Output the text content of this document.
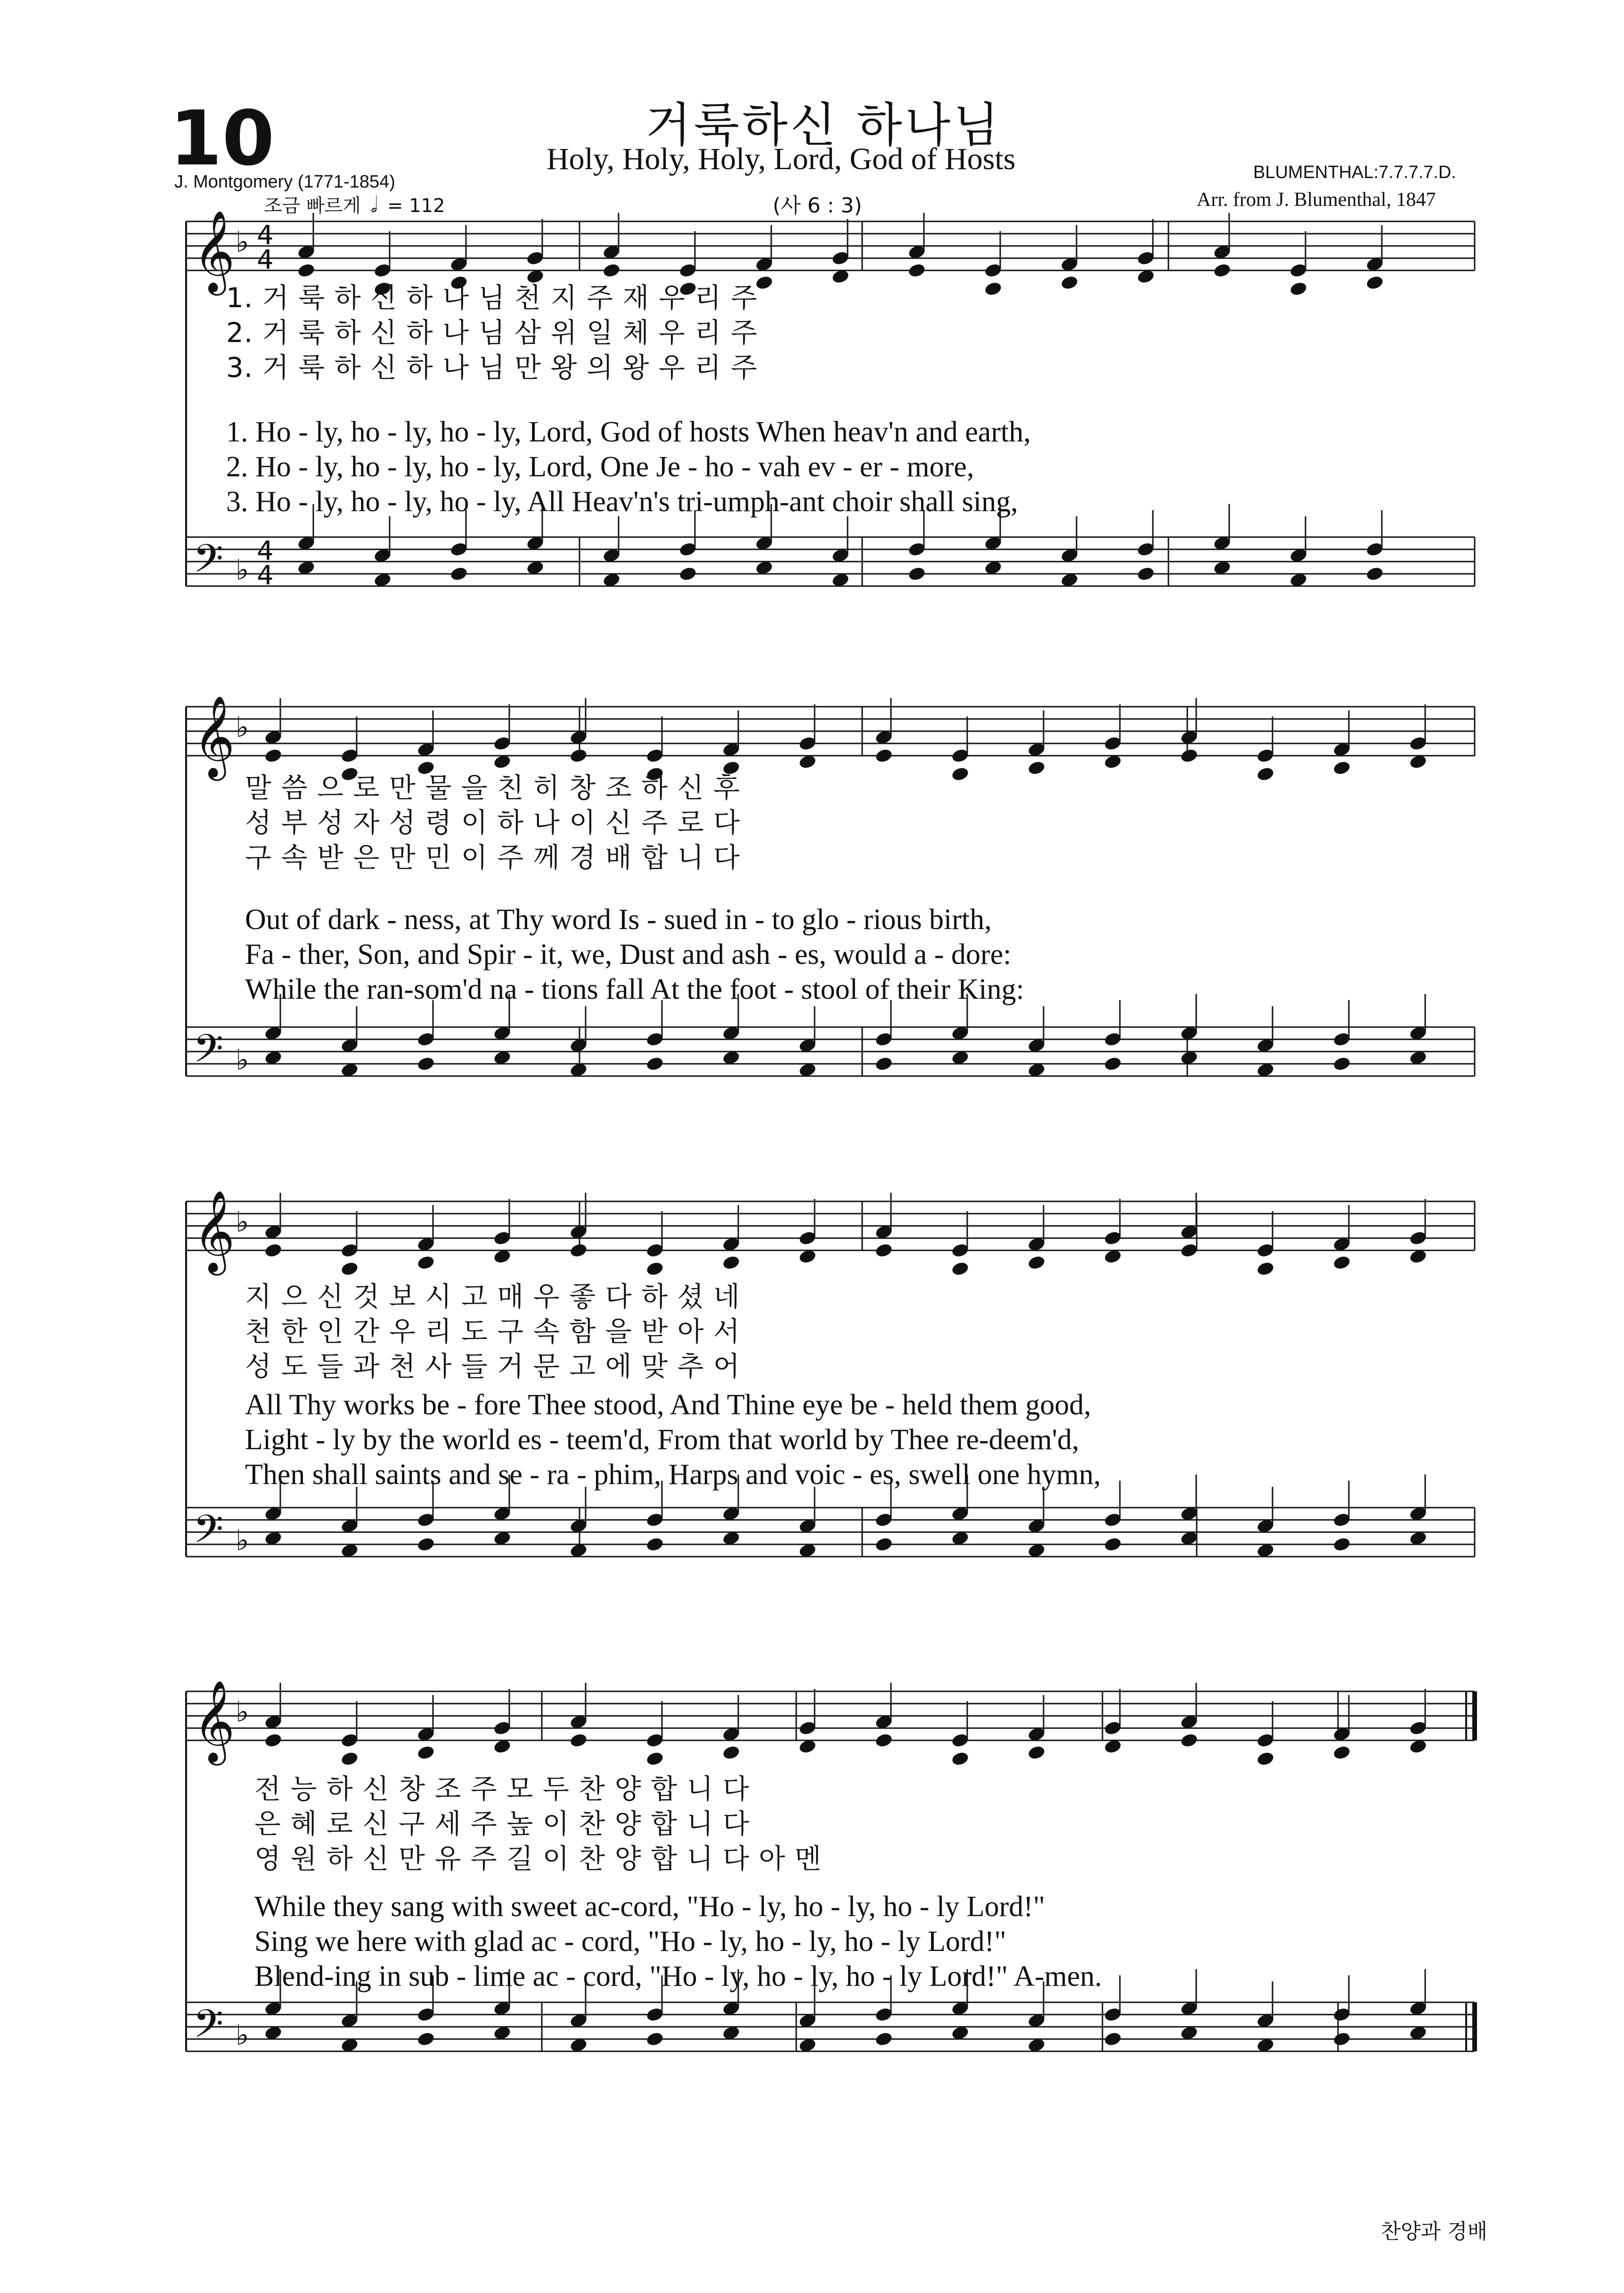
10	거룩하신 하나님
Holy, Holy, Holy, Lord, God of Hosts
J. Montgomery (1771-1854)	BLUMENTHAL:7.7.7.7.D.
Arr. from J. Blumenthal, 1847
조금 빠르게 𝅗𝅥 = 112	(사 6 : 3)
𝄞
𝄢
♭
♭
4
4
4
4
𝄞
𝄢
♭
♭
𝄞
𝄢
♭
♭
𝄞
𝄢
♭
♭
1. 거 룩 하 신 하 나 님 천 지 주 재 우 리 주
2. 거 룩 하 신 하 나 님 삼 위 일 체 우 리 주
3. 거 룩 하 신 하 나 님 만 왕 의 왕 우 리 주
1. Ho - ly, ho - ly, ho - ly, Lord, God of hosts When heav'n and earth,
2. Ho - ly, ho - ly, ho - ly, Lord, One Je - ho - vah ev - er - more,
3. Ho - ly, ho - ly, ho - ly, All Heav'n's tri-umph-ant choir shall sing,
말 씀 으 로 만 물 을 친 히 창 조 하 신 후
성 부 성 자 성 령 이 하 나 이 신 주 로 다
구 속 받 은 만 민 이 주 께 경 배 합 니 다
Out of dark - ness, at Thy word Is - sued in - to glo - rious birth,
Fa - ther, Son, and Spir - it, we, Dust and ash - es, would a - dore:
While the ran-som'd na - tions fall At the foot - stool of their King:
지 으 신 것 보 시 고 매 우 좋 다 하 셨 네
천 한 인 간 우 리 도 구 속 함 을 받 아 서
성 도 들 과 천 사 들 거 문 고 에 맞 추 어
All Thy works be - fore Thee stood, And Thine eye be - held them good,
Light - ly by the world es - teem'd, From that world by Thee re-deem'd,
Then shall saints and se - ra - phim, Harps and voic - es, swell one hymn,
전 능 하 신 창 조 주 모 두 찬 양 합 니 다
은 혜 로 신 구 세 주 높 이 찬 양 합 니 다
영 원 하 신 만 유 주 길 이 찬 양 합 니 다 아 멘
While they sang with sweet ac-cord, "Ho - ly, ho - ly, ho - ly Lord!"
Sing we here with glad ac - cord, "Ho - ly, ho - ly, ho - ly Lord!"
Blend-ing in sub - lime ac - cord, "Ho - ly, ho - ly, ho - ly Lord!" A-men.
찬양과 경배
